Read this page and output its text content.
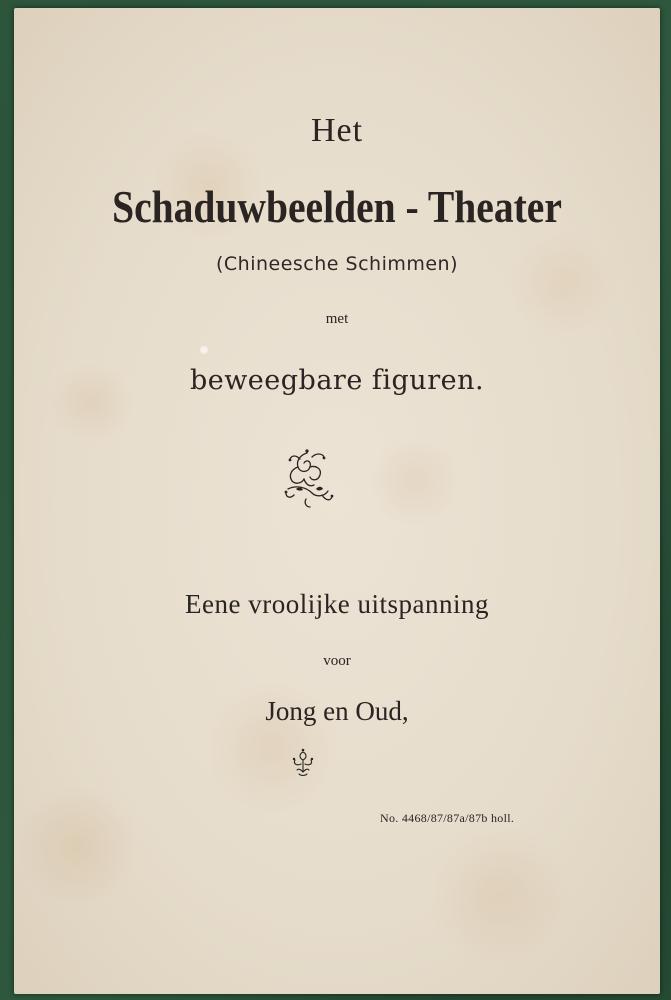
Het
Schaduwbeelden - Theater
(Chineesche Schimmen)
met
beweegbare figuren.
Eene vroolijke uitspanning
voor
Jong en Oud,
No. 4468/87/87a/87b holl.
